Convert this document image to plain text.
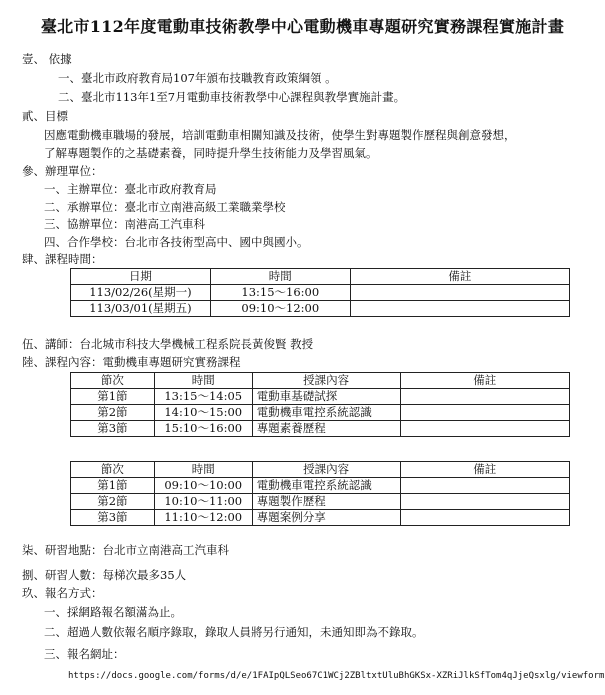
臺北市112年度電動車技術教學中心電動機車專題研究實務課程實施計畫
壹、 依據
一、臺北市政府教育局107年頒布技職教育政策綱領 。
二、臺北市113年1至7月電動車技術教學中心課程與教學實施計畫。
貳、目標
因應電動機車職場的發展，培訓電動車相關知識及技術，使學生對專題製作歷程與創意發想，
了解專題製作的之基礎素養，同時提升學生技術能力及學習風氣。
參、辦理單位：
一、主辦單位：臺北市政府教育局
二、承辦單位：臺北市立南港高級工業職業學校
三、協辦單位：南港高工汽車科
四、合作學校：台北市各技術型高中、國中與國小。
肆、課程時間：
日期	時間	備註
113/02/26(星期一)	13:15～16:00	
113/03/01(星期五)	09:10～12:00	
伍、講師：台北城市科技大學機械工程系院長黃俊賢 教授
陸、課程內容：電動機車專題研究實務課程
節次	時間	授課內容	備註
第1節	13:15～14:05	電動車基礎試探	
第2節	14:10～15:00	電動機車電控系統認識	
第3節	15:10～16:00	專題素養歷程	
節次	時間	授課內容	備註
第1節	09:10～10:00	電動機車電控系統認識	
第2節	10:10～11:00	專題製作歷程	
第3節	11:10～12:00	專題案例分享	
柒、研習地點：台北市立南港高工汽車科
捌、研習人數：每梯次最多35人
玖、報名方式：
一、採網路報名額滿為止。
二、超過人數依報名順序錄取，錄取人員將另行通知，未通知即為不錄取。
三、報名網址：
https://docs.google.com/forms/d/e/1FAIpQLSeo67C1WCj2ZBltxtUluBhGKSx-XZRiJlkSfTom4qJjeQsxlg/viewform
